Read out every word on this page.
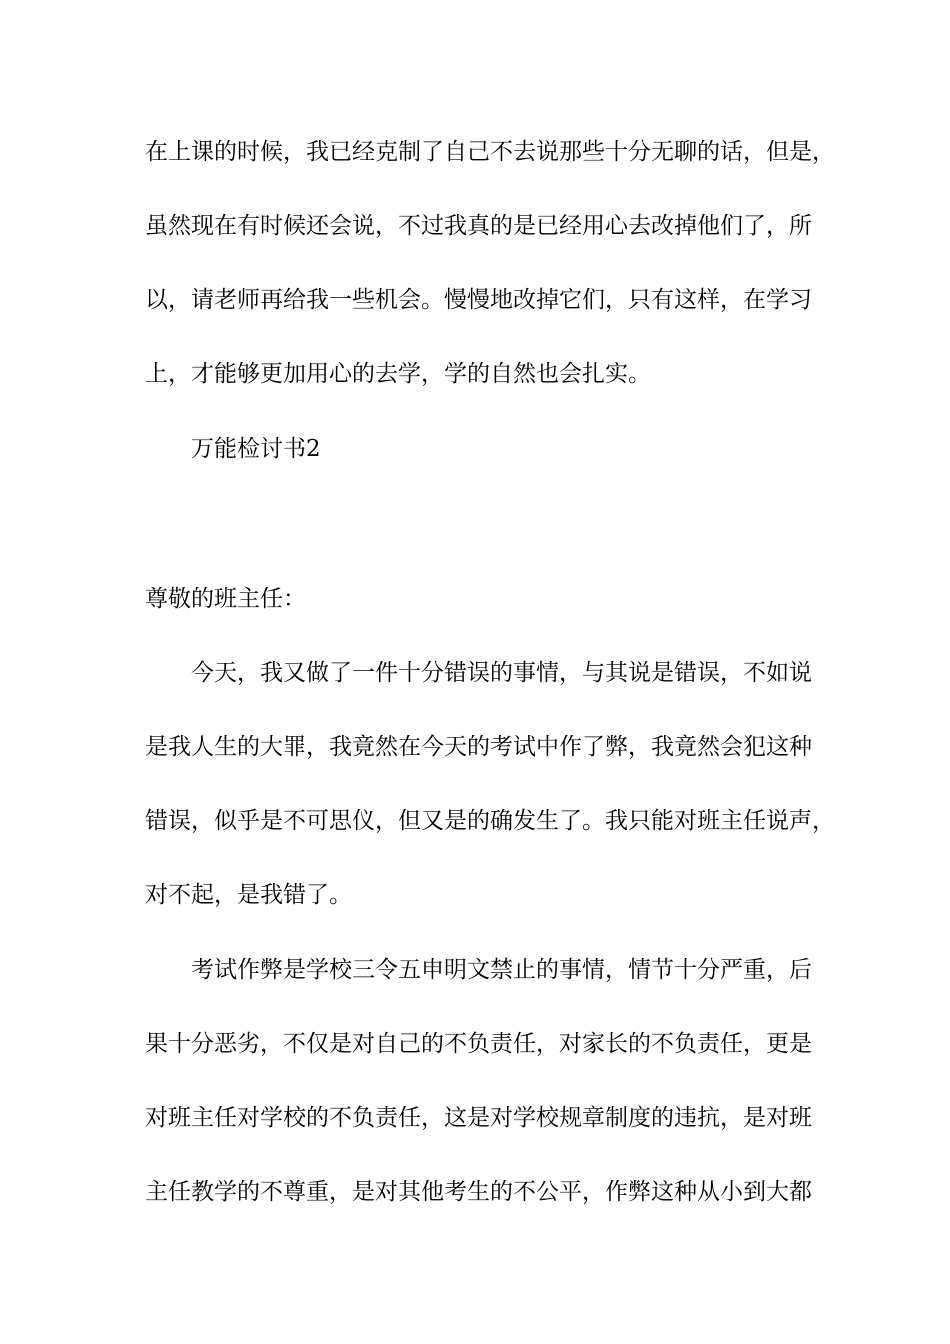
在上课的时候，我已经克制了自己不去说那些十分无聊的话，但是，
虽然现在有时候还会说，不过我真的是已经用心去改掉他们了，所
以，请老师再给我一些机会。慢慢地改掉它们，只有这样，在学习
上，才能够更加用心的去学，学的自然也会扎实。
万能检讨书2
尊敬的班主任：
今天，我又做了一件十分错误的事情，与其说是错误，不如说
是我人生的大罪，我竟然在今天的考试中作了弊，我竟然会犯这种
错误，似乎是不可思仪，但又是的确发生了。我只能对班主任说声，
对不起，是我错了。
考试作弊是学校三令五申明文禁止的事情，情节十分严重，后
果十分恶劣，不仅是对自己的不负责任，对家长的不负责任，更是
对班主任对学校的不负责任，这是对学校规章制度的违抗，是对班
主任教学的不尊重，是对其他考生的不公平，作弊这种从小到大都
